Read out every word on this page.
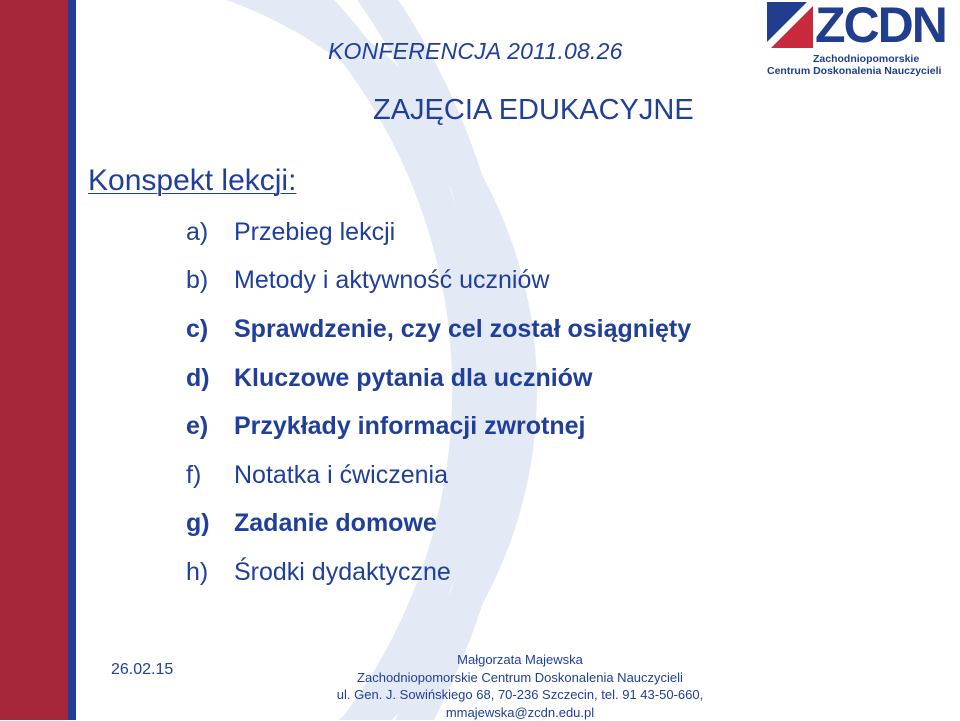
KONFERENCJA 2011.08.26	ZCDN
Zachodniopomorskie
Centrum Doskonalenia Nauczycieli
ZAJĘCIA EDUKACYJNE
Konspekt lekcji:
a)	Przebieg lekcji
b)	Metody i aktywność uczniów
c)	Sprawdzenie, czy cel został osiągnięty
d) Kluczowe pytania dla uczniów
e)	Przykłady informacji zwrotnej
f)	Notatka i ćwiczenia
g) Zadanie domowe
h)	Środki dydaktyczne
26.02.15
Małgorzata Majewska
Zachodniopomorskie Centrum Doskonalenia Nauczycieli
ul. Gen. J. Sowińskiego 68, 70-236 Szczecin, tel. 91 43-50-660,
mmajewska@zcdn.edu.pl
